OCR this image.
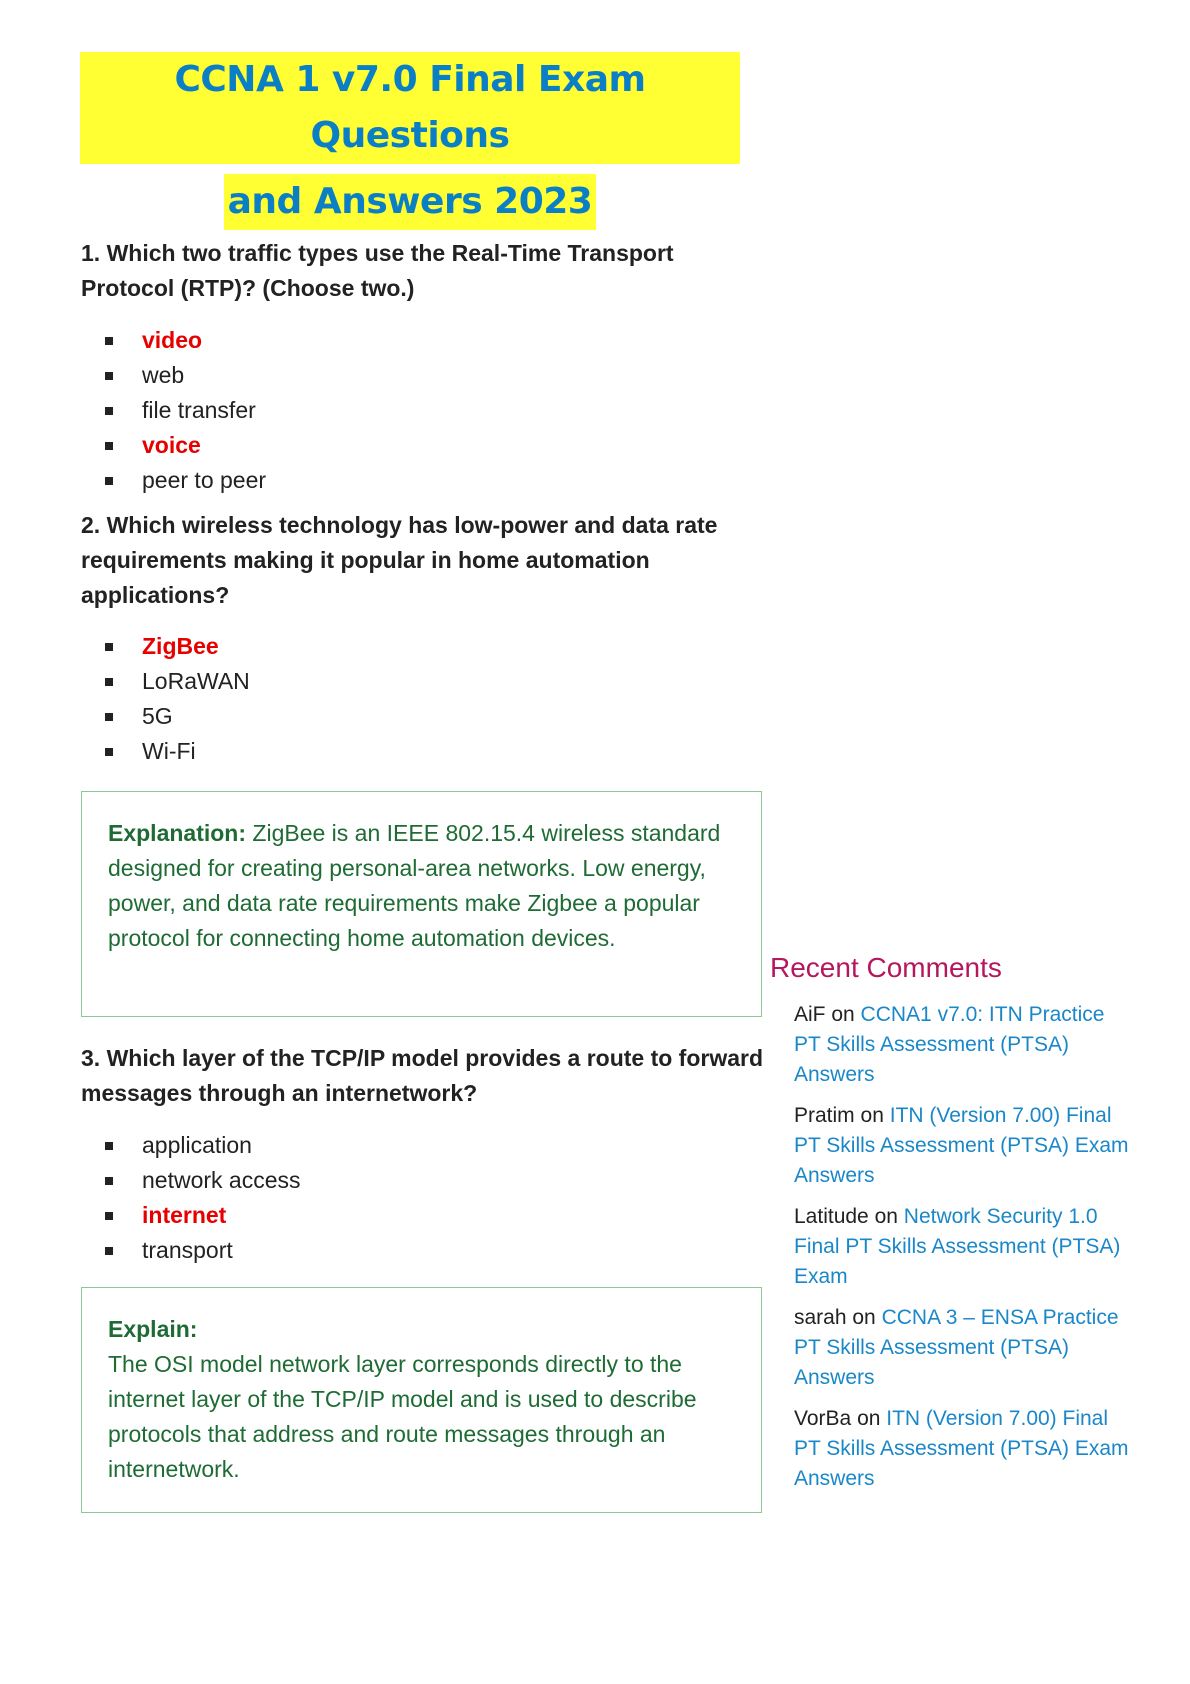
CCNA 1 v7.0 Final Exam Questions
and Answers 2023

1. Which two traffic types use the Real-Time Transport Protocol (RTP)? (Choose two.)

video
web
file transfer
voice
peer to peer

2. Which wireless technology has low-power and data rate requirements making it popular in home automation applications?

ZigBee
LoRaWAN
5G
Wi-Fi
Explanation: ZigBee is an IEEE 802.15.4 wireless standard designed for creating personal-area networks. Low energy, power, and data rate requirements make Zigbee a popular protocol for connecting home automation devices.

3. Which layer of the TCP/IP model provides a route to forward messages through an internetwork?

application
network access
internet
transport
Explain:
The OSI model network layer corresponds directly to the internet layer of the TCP/IP model and is used to describe protocols that address and route messages through an internetwork.
Recent Comments
AiF on CCNA1 v7.0: ITN Practice PT Skills Assessment (PTSA) Answers
Pratim on ITN (Version 7.00) Final PT Skills Assessment (PTSA) Exam Answers
Latitude on Network Security 1.0 Final PT Skills Assessment (PTSA) Exam
sarah on CCNA 3 – ENSA Practice PT Skills Assessment (PTSA) Answers
VorBa on ITN (Version 7.00) Final PT Skills Assessment (PTSA) Exam Answers
